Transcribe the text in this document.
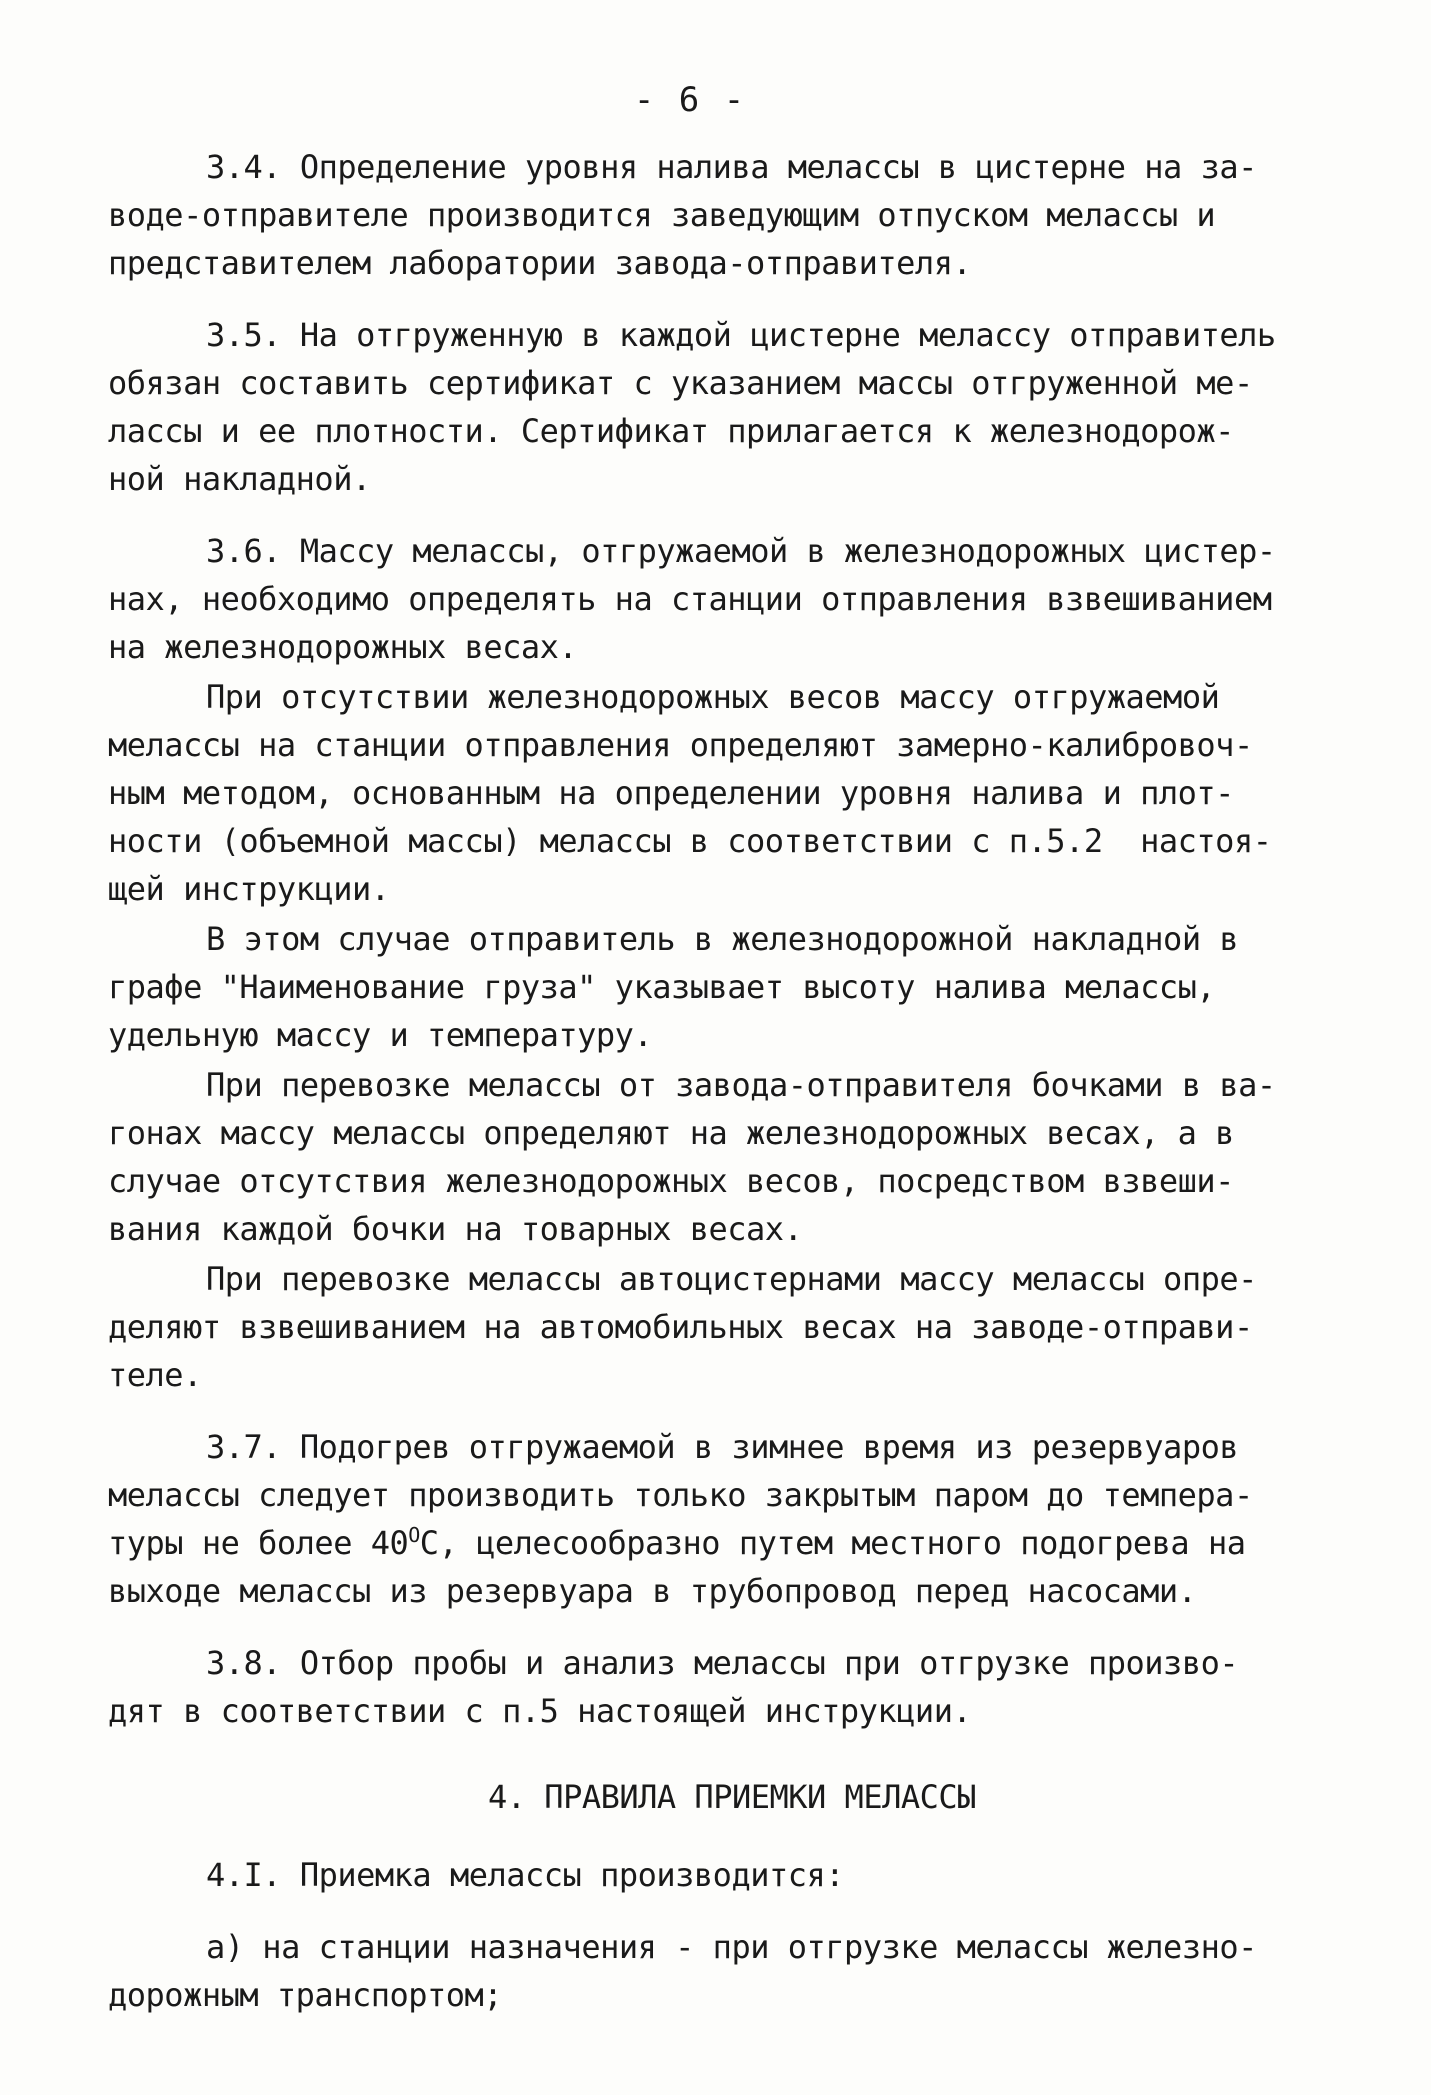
- 6 -
3.4. Определение уровня налива мелассы в цистерне на за-
воде-отправителе производится заведующим отпуском мелассы и
представителем лаборатории завода-отправителя.
3.5. На отгруженную в каждой цистерне мелассу отправитель
обязан составить сертификат с указанием массы отгруженной ме-
лассы и ее плотности. Сертификат прилагается к железнодорож-
ной накладной.
3.6. Массу мелассы, отгружаемой в железнодорожных цистер-
нах, необходимо определять на станции отправления взвешиванием
на железнодорожных весах.
При отсутствии железнодорожных весов массу отгружаемой
мелассы на станции отправления определяют замерно-калибровоч-
ным методом, основанным на определении уровня налива и плот-
ности (объемной массы) мелассы в соответствии с п.5.2  настоя-
щей инструкции.
В этом случае отправитель в железнодорожной накладной в
графе "Наименование груза" указывает высоту налива мелассы,
удельную массу и температуру.
При перевозке мелассы от завода-отправителя бочками в ва-
гонах массу мелассы определяют на железнодорожных весах, а в
случае отсутствия железнодорожных весов, посредством взвеши-
вания каждой бочки на товарных весах.
При перевозке мелассы автоцистернами массу мелассы опре-
деляют взвешиванием на автомобильных весах на заводе-отправи-
теле.
3.7. Подогрев отгружаемой в зимнее время из резервуаров
мелассы следует производить только закрытым паром до темпера-
туры не более $40^ОС$, целесообразно путем местного подогрева на
выходе мелассы из резервуара в трубопровод перед насосами.
3.8. Отбор пробы и анализ мелассы при отгрузке произво-
дят в соответствии с п.5 настоящей инструкции.
4. ПРАВИЛА ПРИЕМКИ МЕЛАССЫ
4.I. Приемка мелассы производится:
а) на станции назначения - при отгрузке мелассы железно-
дорожным транспортом;
